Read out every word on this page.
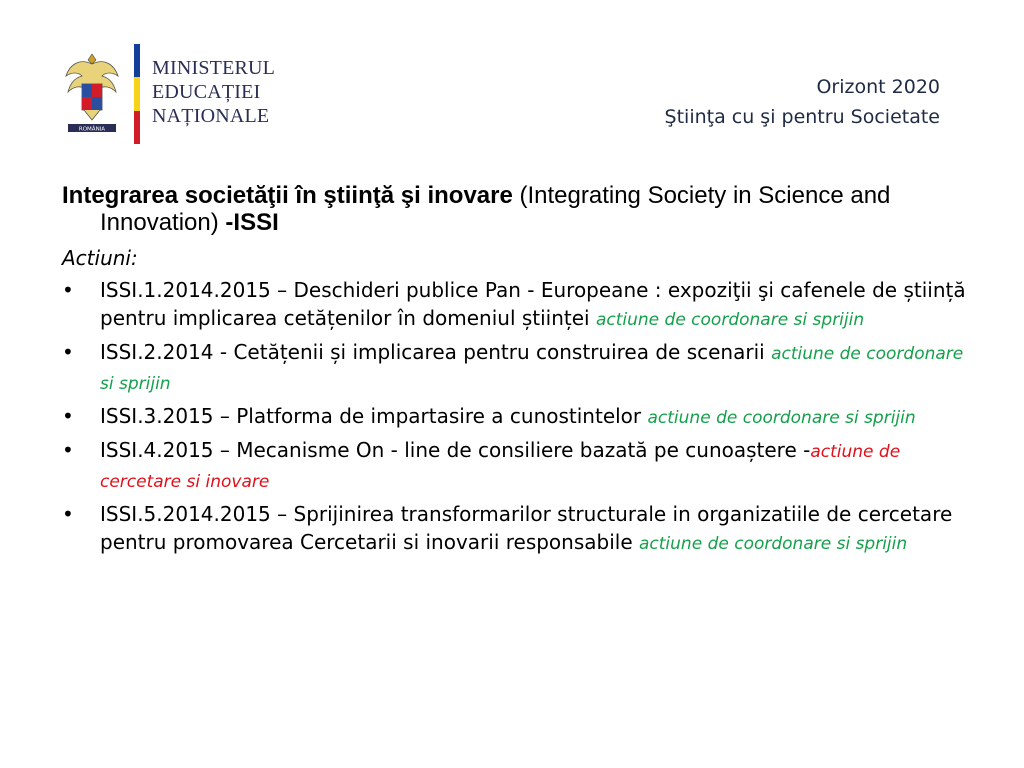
ROMÂNIA
MINISTERUL
EDUCAȚIEI
NAȚIONALE
Orizont 2020
Ştiinţa cu şi pentru Societate
Integrarea societăţii în ştiinţă şi inovare (Integrating Society in Science and Innovation) -ISSI
Actiuni:
•	ISSI.1.2014.2015 – Deschideri publice Pan - Europeane : expoziţii şi cafenele de știință pentru implicarea cetățenilor în domeniul științei actiune de coordonare si sprijin
•	ISSI.2.2014 - Cetățenii și implicarea pentru construirea de scenarii actiune de coordonare si sprijin
•	ISSI.3.2015 – Platforma de impartasire a cunostintelor actiune de coordonare si sprijin
•	ISSI.4.2015 – Mecanisme On - line de consiliere bazată pe cunoaștere -actiune de cercetare si inovare
•	ISSI.5.2014.2015 – Sprijinirea transformarilor structurale in organizatiile de cercetare pentru promovarea Cercetarii si inovarii responsabile actiune de coordonare si sprijin
